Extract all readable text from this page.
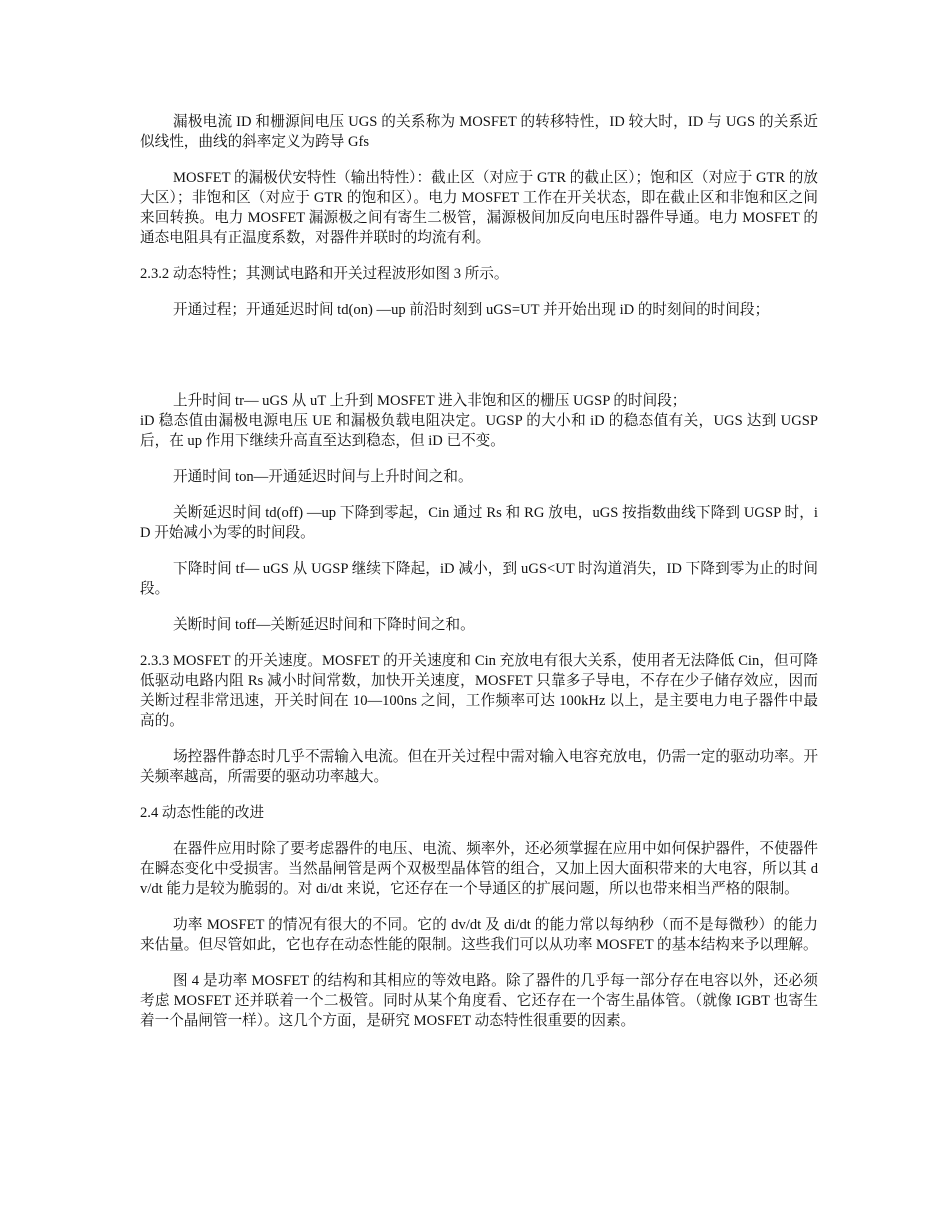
漏极电流 ID 和栅源间电压 UGS 的关系称为 MOSFET 的转移特性，ID 较大时，ID 与 UGS 的关系近似线性，曲线的斜率定义为跨导 Gfs

MOSFET 的漏极伏安特性（输出特性）：截止区（对应于 GTR 的截止区）；饱和区（对应于 GTR 的放大区）；非饱和区（对应于 GTR 的饱和区）。电力 MOSFET 工作在开关状态，即在截止区和非饱和区之间来回转换。电力 MOSFET 漏源极之间有寄生二极管，漏源极间加反向电压时器件导通。电力 MOSFET 的通态电阻具有正温度系数，对器件并联时的均流有利。

2.3.2 动态特性；其测试电路和开关过程波形如图 3 所示。

开通过程；开通延迟时间 td(on) —up 前沿时刻到 uGS=UT 并开始出现 iD 的时刻间的时间段；

上升时间 tr— uGS 从 uT 上升到 MOSFET 进入非饱和区的栅压 UGSP 的时间段；

iD 稳态值由漏极电源电压 UE 和漏极负载电阻决定。UGSP 的大小和 iD 的稳态值有关，UGS 达到 UGSP 后，在 up 作用下继续升高直至达到稳态，但 iD 已不变。

开通时间 ton—开通延迟时间与上升时间之和。

关断延迟时间 td(off) —up 下降到零起，Cin 通过 Rs 和 RG 放电，uGS 按指数曲线下降到 UGSP 时，iD 开始减小为零的时间段。

下降时间 tf— uGS 从 UGSP 继续下降起，iD 减小，到 uGS<UT 时沟道消失，ID 下降到零为止的时间段。

关断时间 toff—关断延迟时间和下降时间之和。

2.3.3 MOSFET 的开关速度。MOSFET 的开关速度和 Cin 充放电有很大关系，使用者无法降低 Cin，但可降低驱动电路内阻 Rs 减小时间常数，加快开关速度，MOSFET 只靠多子导电，不存在少子储存效应，因而关断过程非常迅速，开关时间在 10—100ns 之间，工作频率可达 100kHz 以上，是主要电力电子器件中最高的。

场控器件静态时几乎不需输入电流。但在开关过程中需对输入电容充放电，仍需一定的驱动功率。开关频率越高，所需要的驱动功率越大。

2.4 动态性能的改进

在器件应用时除了要考虑器件的电压、电流、频率外，还必须掌握在应用中如何保护器件，不使器件在瞬态变化中受损害。当然晶闸管是两个双极型晶体管的组合，又加上因大面积带来的大电容，所以其 dv/dt 能力是较为脆弱的。对 di/dt 来说，它还存在一个导通区的扩展问题，所以也带来相当严格的限制。

功率 MOSFET 的情况有很大的不同。它的 dv/dt 及 di/dt 的能力常以每纳秒（而不是每微秒）的能力来估量。但尽管如此，它也存在动态性能的限制。这些我们可以从功率 MOSFET 的基本结构来予以理解。

图 4 是功率 MOSFET 的结构和其相应的等效电路。除了器件的几乎每一部分存在电容以外，还必须考虑 MOSFET 还并联着一个二极管。同时从某个角度看、它还存在一个寄生晶体管。（就像 IGBT 也寄生着一个晶闸管一样）。这几个方面，是研究 MOSFET 动态特性很重要的因素。
